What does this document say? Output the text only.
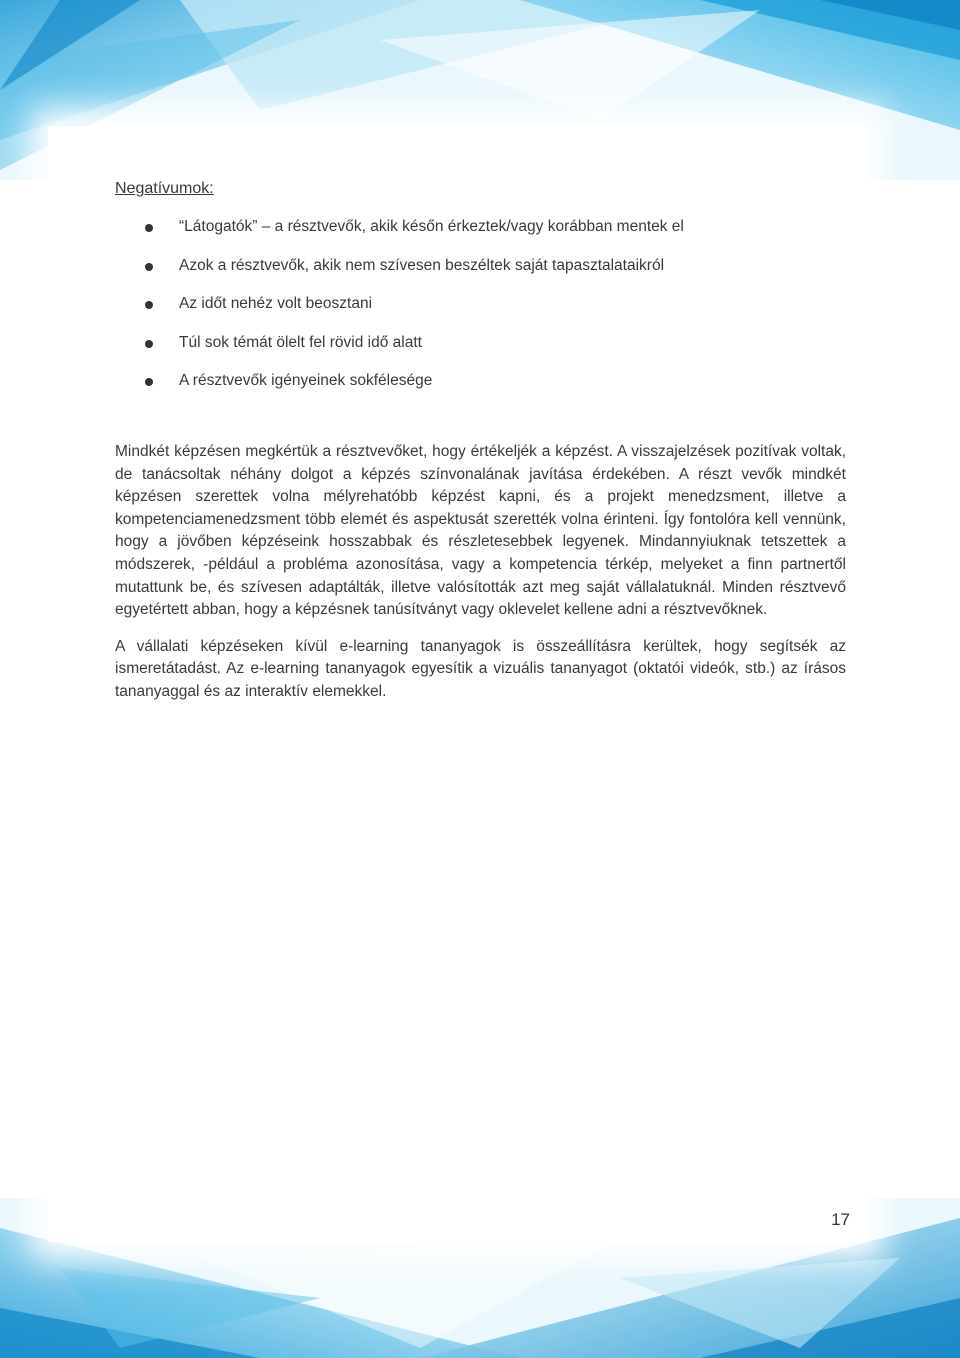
Negatívumok:
“Látogatók” – a résztvevők, akik későn érkeztek/vagy korábban mentek el
Azok a résztvevők, akik nem szívesen beszéltek saját tapasztalataikról
Az időt nehéz volt beosztani
Túl sok témát ölelt fel rövid idő alatt
A résztvevők igényeinek sokfélesége

Mindkét képzésen megkértük a résztvevőket, hogy értékeljék a képzést. A visszajelzések pozitívak voltak, de tanácsoltak néhány dolgot a képzés színvonalának javítása érdekében. A részt vevők mindkét képzésen szerettek volna mélyrehatóbb képzést kapni, és a projekt menedzsment, illetve a kompetenciamenedzsment több elemét és aspektusát szerették volna érinteni. Így fontolóra kell vennünk, hogy a jövőben képzéseink hosszabbak és részletesebbek legyenek. Mindannyiuknak tetszettek a módszerek, -például a probléma azonosítása, vagy a kompetencia térkép, melyeket a finn partnertől mutattunk be, és szívesen adaptálták, illetve valósították azt meg saját vállalatuknál. Minden résztvevő egyetértett abban, hogy a képzésnek tanúsítványt vagy oklevelet kellene adni a résztvevőknek.

A vállalati képzéseken kívül e-learning tananyagok is összeállításra kerültek, hogy segítsék az ismeretátadást. Az e-learning tananyagok egyesítik a vizuális tananyagot (oktatói videók, stb.) az írásos tananyaggal és az interaktív elemekkel.

17
